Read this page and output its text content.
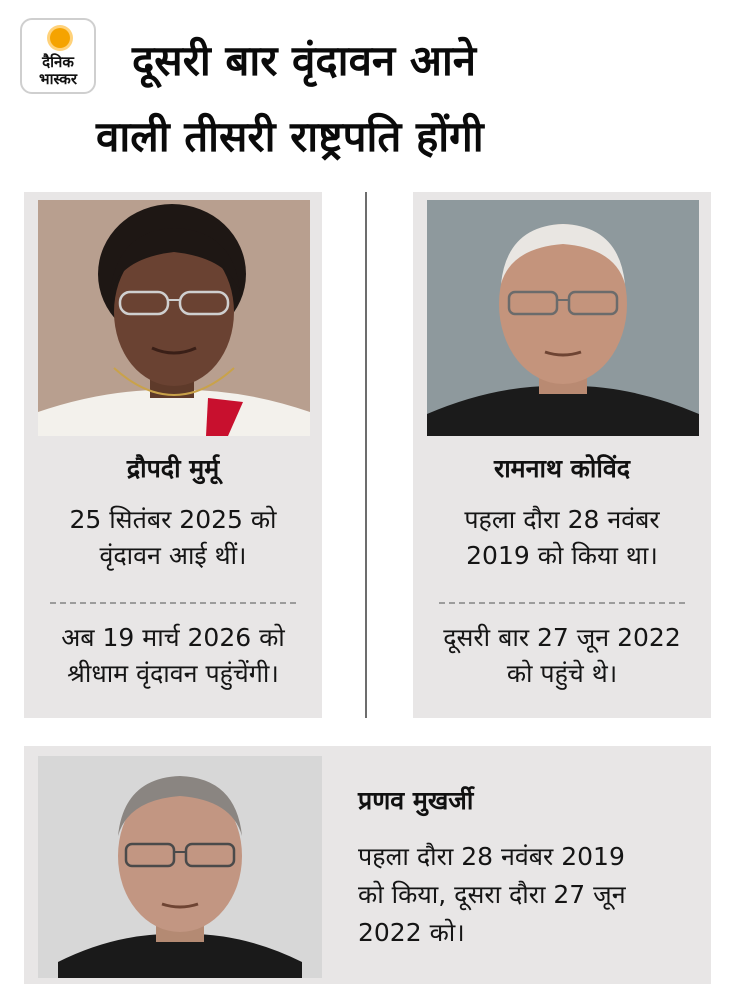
दैनिक
भास्कर	दूसरी बार वृंदावन आने
वाली तीसरी राष्ट्रपति होंगी
द्रौपदी मुर्मू
25 सितंबर 2025 को
वृंदावन आई थीं।
अब 19 मार्च 2026 को
श्रीधाम वृंदावन पहुंचेंगी।
रामनाथ कोविंद
पहला दौरा 28 नवंबर
2019 को किया था।
दूसरी बार 27 जून 2022
को पहुंचे थे।
प्रणव मुखर्जी
पहला दौरा 28 नवंबर 2019
को किया, दूसरा दौरा 27 जून
2022 को।
